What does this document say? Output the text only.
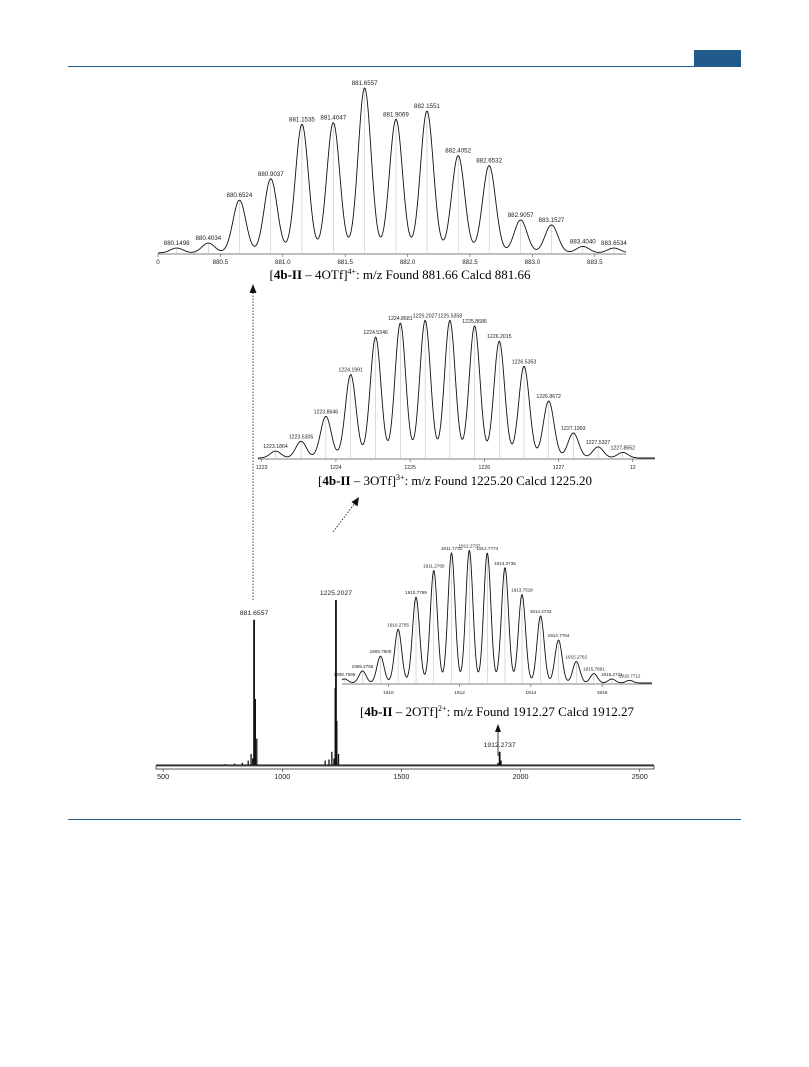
880.1498
880.4034
880.6524
880.9037
881.1535 881.4047
881.6557
881.9069
882.1551
882.4052
882.6532
882.9057
883.1527
883.4040 883.6534
0	880.5	881.0	881.5	882.0	882.5	883.0	883.5
[4b-II – 4OTf]$^{4+}$: m/z Found 881.66 Calcd 881.66
1223.1864
1223.5305
1223.8646
1224.1991
1224.5346
1224.8681 1225.2027 1225.5358
1225.8686
1226.2015
1226.5353
1226.8672
1227.1993
1227.5327
1227.8652
1223	1224	1225	1226	1227	12
[4b-II – 3OTf]$^{3+}$: m/z Found 1225.20 Calcd 1225.20
1908.7695
1909.2755
1909.7800
1910.2755
1910.7769
1911.2760
1911.7731
1912.2737
1912.7774
1913.2736
1913.7518
1914.2733
1914.7764
1915.2762
1915.7691
1916.2721
1916.7712
1910	1912	1914	1916
[4b-II – 2OTf]$^{2+}$: m/z Found 1912.27 Calcd 1912.27
881.6557
1225.2027
1912.2737
500	1000	1500	2000	2500
